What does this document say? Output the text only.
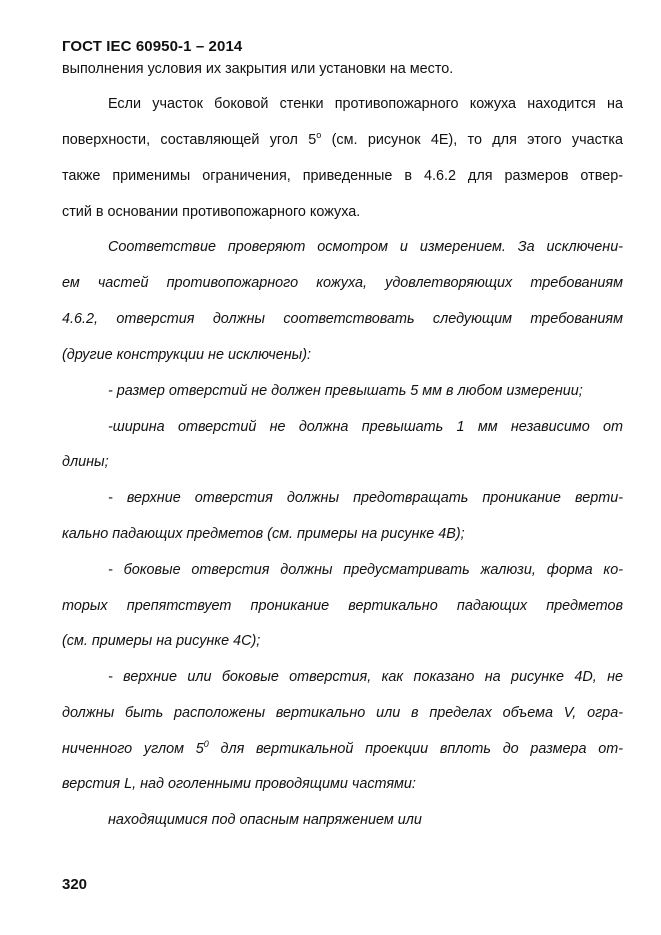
ГОСТ IEC 60950-1 – 2014
выполнения условия их закрытия или установки на место.
Если участок боковой стенки противопожарного кожуха находится на
поверхности, составляющей угол $5^о$ (см. рисунок 4E), то для этого участка
также применимы ограничения, приведенные в 4.6.2 для размеров отвер-
стий в основании противопожарного кожуха.
Соответствие проверяют осмотром и измерением. За исключени-
ем частей противопожарного кожуха, удовлетворяющих требованиям
4.6.2, отверстия должны соответствовать следующим требованиям
(другие конструкции не исключены):
- размер отверстий не должен превышать 5 мм в любом измерении;
-ширина отверстий не должна превышать 1 мм независимо от
длины;
- верхние отверстия должны предотвращать проникание верти-
кально падающих предметов (см. примеры на рисунке 4B);
- боковые отверстия должны предусматривать жалюзи, форма ко-
торых препятствует проникание вертикально падающих предметов
(см. примеры на рисунке 4C);
- верхние или боковые отверстия, как показано на рисунке 4D, не
должны быть расположены вертикально или в пределах объема V, огра-
ниченного углом $5^0$ для вертикальной проекции вплоть до размера от-
верстия L, над оголенными проводящими частями:
находящимися под опасным напряжением или
320
